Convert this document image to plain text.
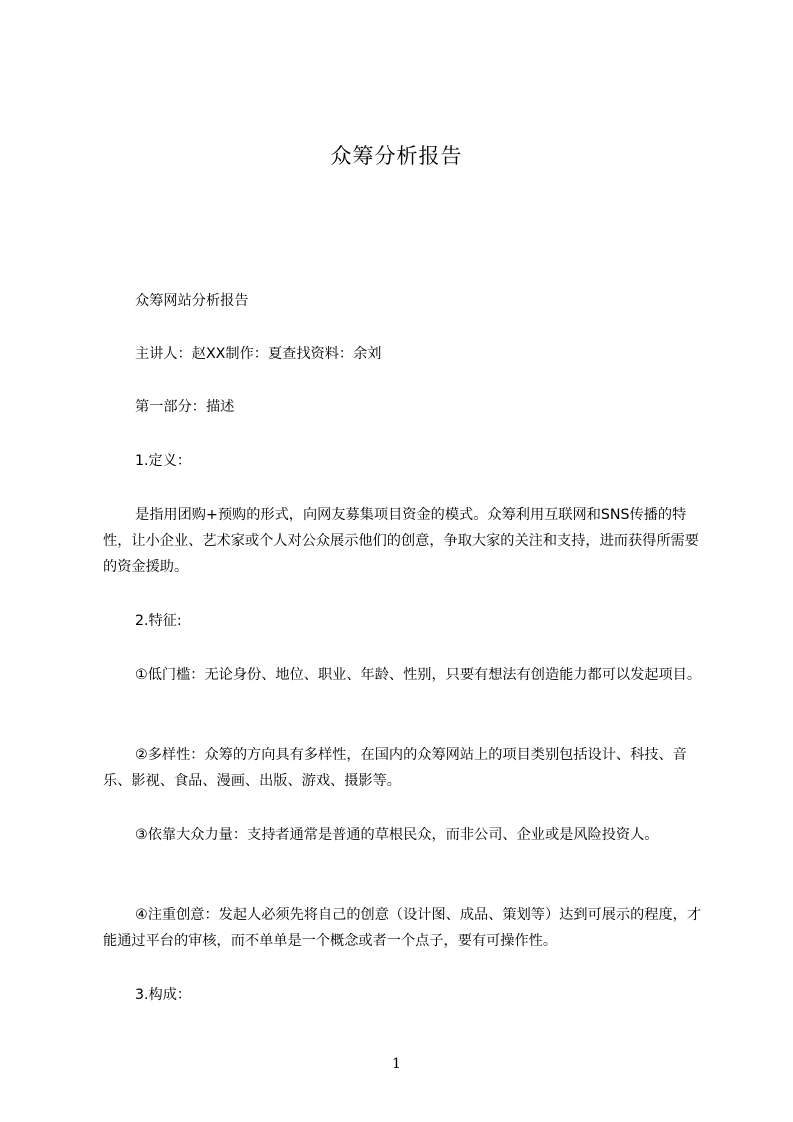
众筹分析报告

众筹网站分析报告

主讲人：赵XX制作：夏查找资料：余刘

第一部分：描述

1.定义：

是指用团购+预购的形式，向网友募集项目资金的模式。众筹利用互联网和SNS传播的特性，让小企业、艺术家或个人对公众展示他们的创意，争取大家的关注和支持，进而获得所需要的资金援助。

2.特征:

①低门槛：无论身份、地位、职业、年龄、性别，只要有想法有创造能力都可以发起项目。

②多样性：众筹的方向具有多样性，在国内的众筹网站上的项目类别包括设计、科技、音乐、影视、食品、漫画、出版、游戏、摄影等。

③依靠大众力量：支持者通常是普通的草根民众，而非公司、企业或是风险投资人。

④注重创意：发起人必须先将自己的创意（设计图、成品、策划等）达到可展示的程度，才能通过平台的审核，而不单单是一个概念或者一个点子，要有可操作性。

3.构成：

1
